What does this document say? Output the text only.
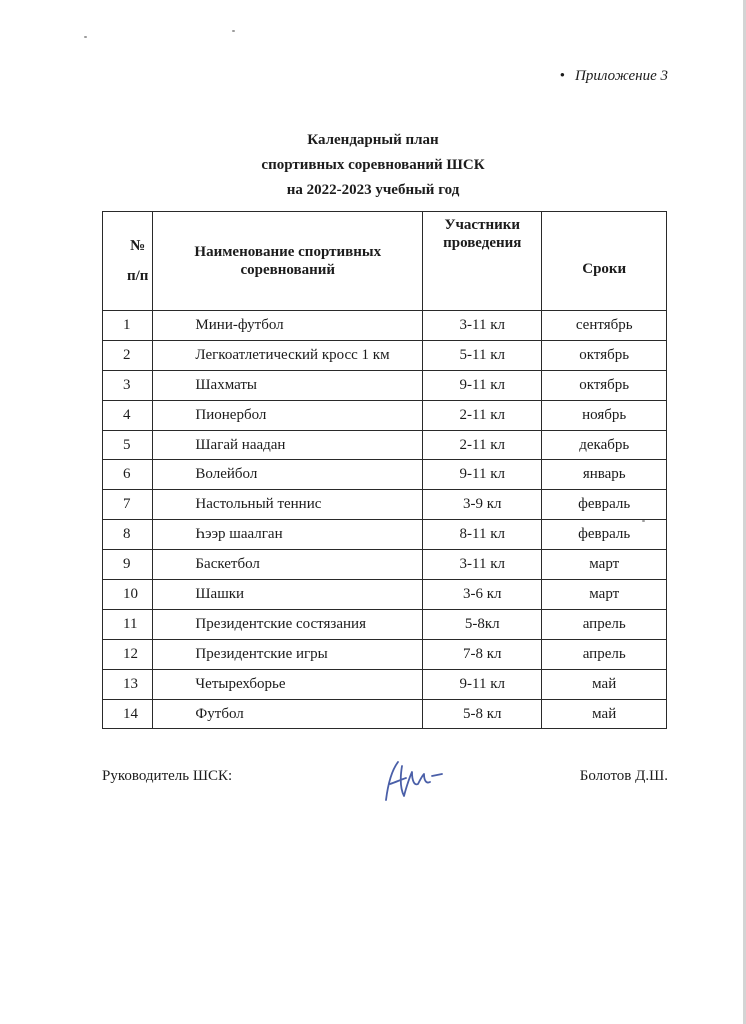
• Приложение 3
Календарный план
спортивных соревнований ШСК
на 2022-2023 учебный год
№
п/п	Наименование спортивных соревнований	Участники проведения	Сроки
1	Мини-футбол	3-11 кл	сентябрь
2	Легкоатлетический кросс 1 км	5-11 кл	октябрь
3	Шахматы	9-11 кл	октябрь
4	Пионербол	2-11 кл	ноябрь
5	Шагай наадан	2-11 кл	декабрь
6	Волейбол	9-11 кл	январь
7	Настольный теннис	3-9 кл	февраль
8	Һээр шаалган	8-11 кл	февраль
9	Баскетбол	3-11 кл	март
10	Шашки	3-6 кл	март
11	Президентские состязания	5-8кл	апрель
12	Президентские игры	7-8 кл	апрель
13	Четырехборье	9-11 кл	май
14	Футбол	5-8 кл	май
Руководитель ШСК:	Болотов Д.Ш.
